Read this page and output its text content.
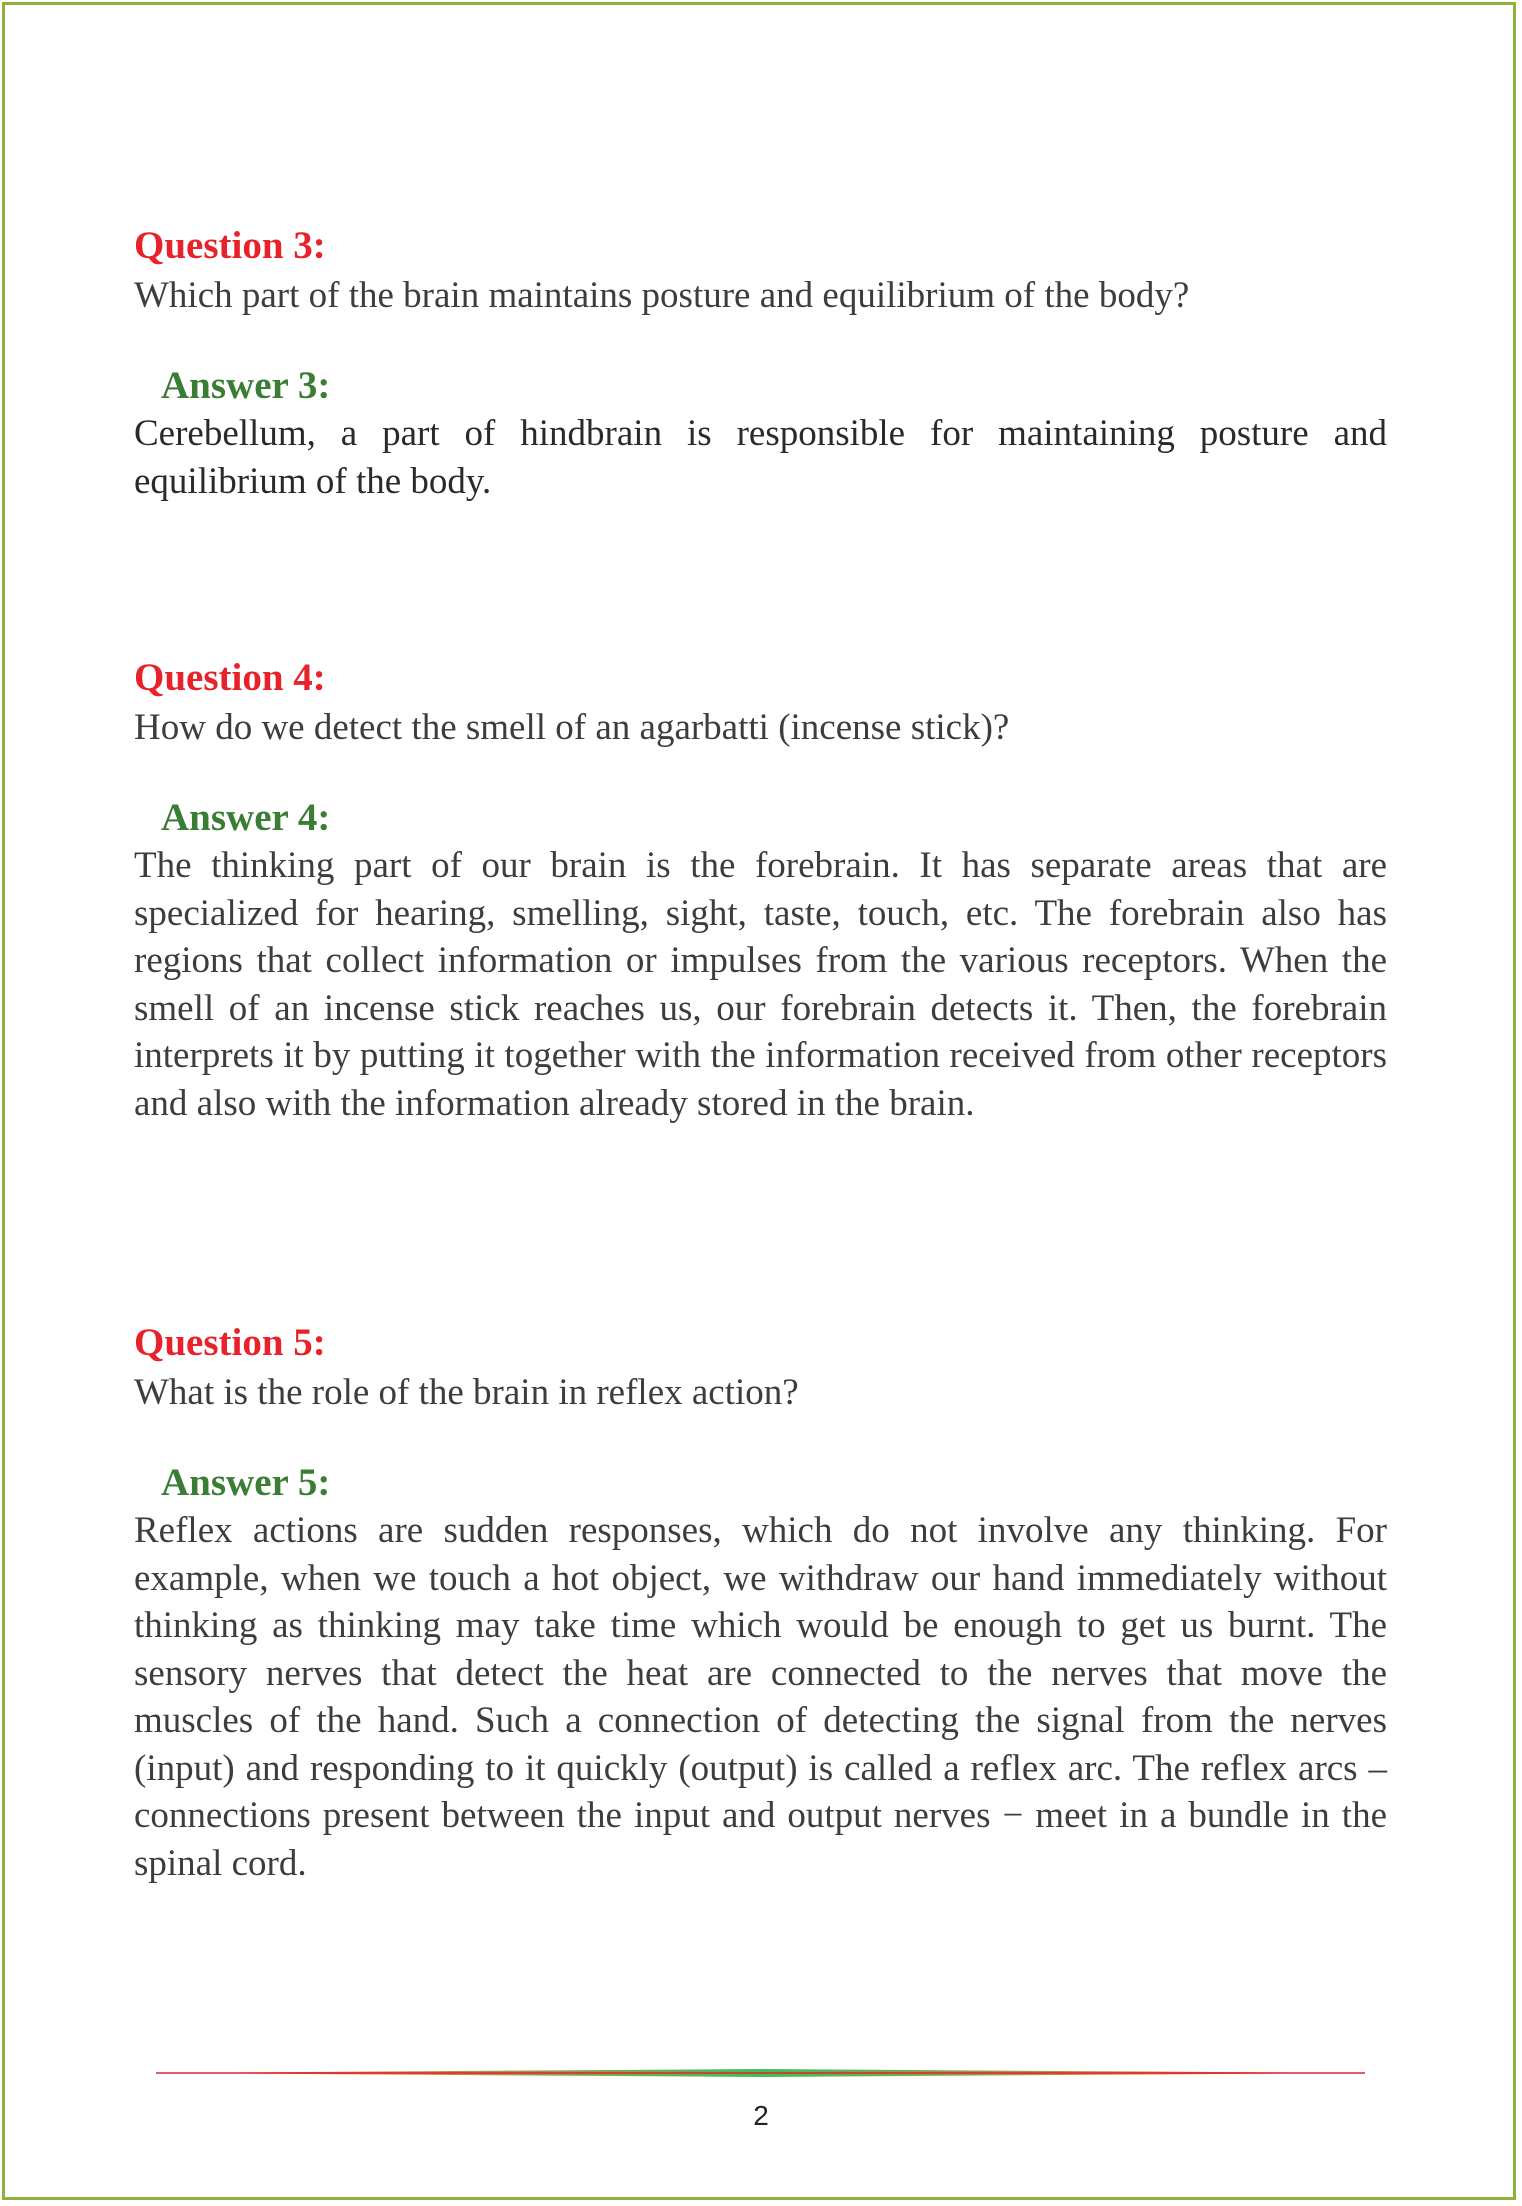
Question 3:

Which part of the brain maintains posture and equilibrium of the body?

Answer 3:

Cerebellum, a part of hindbrain is responsible for maintaining posture and equilibrium of the body.

Question 4:

How do we detect the smell of an agarbatti (incense stick)?

Answer 4:

The thinking part of our brain is the forebrain. It has separate areas that are specialized for hearing, smelling, sight, taste, touch, etc. The forebrain also has regions that collect information or impulses from the various receptors. When the smell of an incense stick reaches us, our forebrain detects it. Then, the forebrain interprets it by putting it together with the information received from other receptors and also with the information already stored in the brain.

Question 5:

What is the role of the brain in reflex action?

Answer 5:

Reflex actions are sudden responses, which do not involve any thinking. For example, when we touch a hot object, we withdraw our hand immediately without thinking as thinking may take time which would be enough to get us burnt. The sensory nerves that detect the heat are connected to the nerves that move the muscles of the hand. Such a connection of detecting the signal from the nerves (input) and responding to it quickly (output) is called a reflex arc. The reflex arcs –connections present between the input and output nerves − meet in a bundle in the spinal cord.

2
